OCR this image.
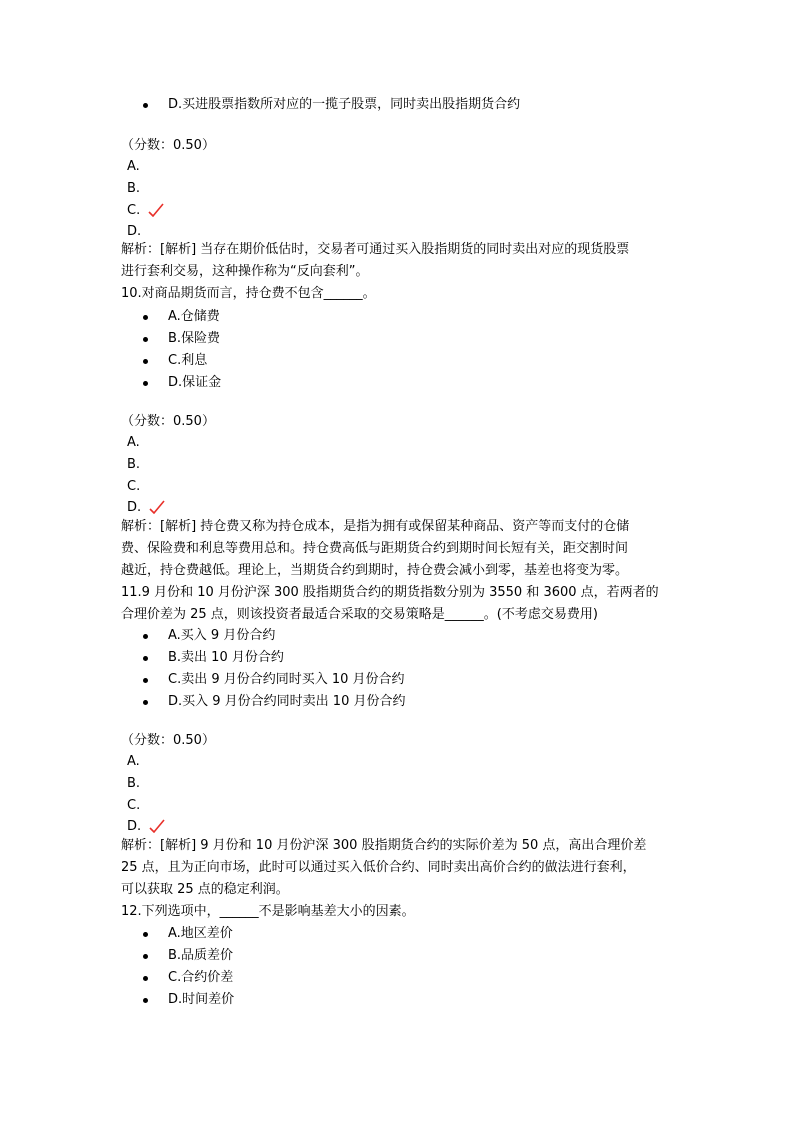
D.买进股票指数所对应的一揽子股票，同时卖出股指期货合约
（分数：0.50）
A.
B.
C.
D.
解析：[解析] 当存在期价低估时，交易者可通过买入股指期货的同时卖出对应的现货股票
进行套利交易，这种操作称为“反向套利”。
10.对商品期货而言，持仓费不包含______。
A.仓储费
B.保险费
C.利息
D.保证金
（分数：0.50）
A.
B.
C.
D.
解析：[解析] 持仓费又称为持仓成本，是指为拥有或保留某种商品、资产等而支付的仓储
费、保险费和利息等费用总和。持仓费高低与距期货合约到期时间长短有关，距交割时间
越近，持仓费越低。理论上，当期货合约到期时，持仓费会减小到零，基差也将变为零。
11.9 月份和 10 月份沪深 300 股指期货合约的期货指数分别为 3550 和 3600 点，若两者的
合理价差为 25 点，则该投资者最适合采取的交易策略是______。(不考虑交易费用)
A.买入 9 月份合约
B.卖出 10 月份合约
C.卖出 9 月份合约同时买入 10 月份合约
D.买入 9 月份合约同时卖出 10 月份合约
（分数：0.50）
A.
B.
C.
D.
解析：[解析] 9 月份和 10 月份沪深 300 股指期货合约的实际价差为 50 点，高出合理价差
25 点，且为正向市场，此时可以通过买入低价合约、同时卖出高价合约的做法进行套利，
可以获取 25 点的稳定利润。
12.下列选项中，______不是影响基差大小的因素。
A.地区差价
B.品质差价
C.合约价差
D.时间差价
